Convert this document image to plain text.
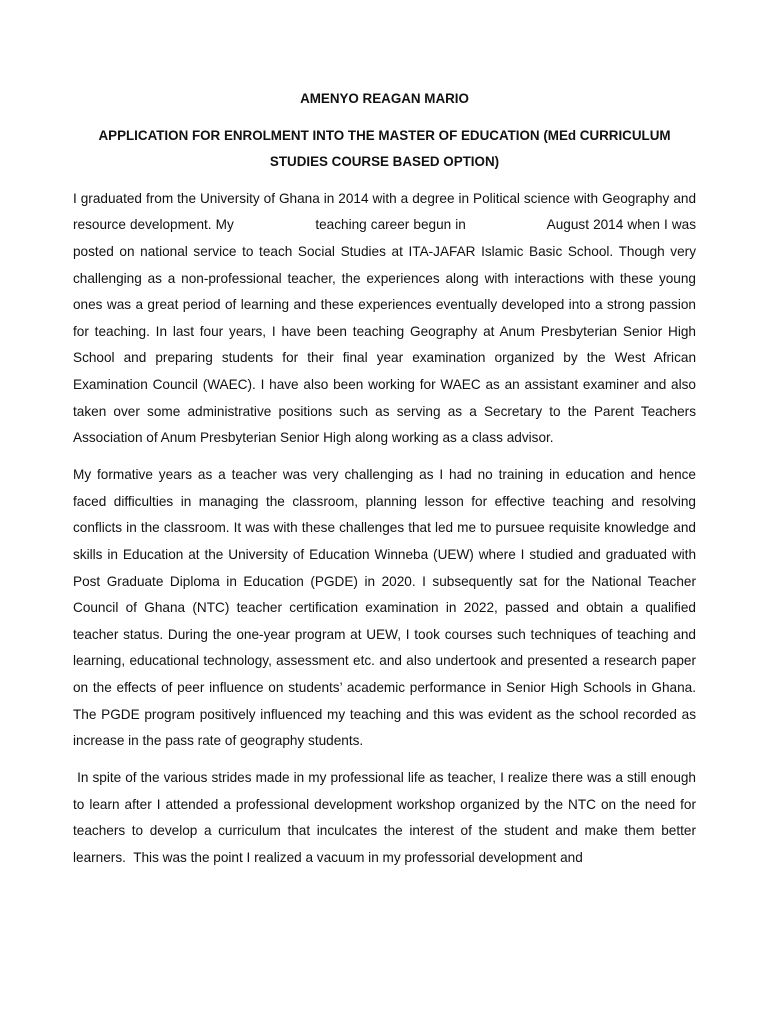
AMENYO REAGAN MARIO

APPLICATION FOR ENROLMENT INTO THE MASTER OF EDUCATION (MEd CURRICULUM STUDIES COURSE BASED OPTION)

I graduated from the University of Ghana in 2014 with a degree in Political science with Geography and resource development. My                    teaching career begun in                    August 2014 when I was posted on national service to teach Social Studies at ITA-JAFAR Islamic Basic School. Though very challenging as a non-professional teacher, the experiences along with interactions with these young ones was a great period of learning and these experiences eventually developed into a strong passion for teaching. In last four years, I have been teaching Geography at Anum Presbyterian Senior High School and preparing students for their final year examination organized by the West African Examination Council (WAEC). I have also been working for WAEC as an assistant examiner and also taken over some administrative positions such as serving as a Secretary to the Parent Teachers Association of Anum Presbyterian Senior High along working as a class advisor.

My formative years as a teacher was very challenging as I had no training in education and hence faced difficulties in managing the classroom, planning lesson for effective teaching and resolving conflicts in the classroom. It was with these challenges that led me to pursuee requisite knowledge and skills in Education at the University of Education Winneba (UEW) where I studied and graduated with Post Graduate Diploma in Education (PGDE) in 2020. I subsequently sat for the National Teacher Council of Ghana (NTC) teacher certification examination in 2022, passed and obtain a qualified teacher status. During the one-year program at UEW, I took courses such techniques of teaching and learning, educational technology, assessment etc. and also undertook and presented a research paper on the effects of peer influence on students’ academic performance in Senior High Schools in Ghana. The PGDE program positively influenced my teaching and this was evident as the school recorded as increase in the pass rate of geography students.

In spite of the various strides made in my professional life as teacher, I realize there was a still enough to learn after I attended a professional development workshop organized by the NTC on the need for teachers to develop a curriculum that inculcates the interest of the student and make them better learners.  This was the point I realized a vacuum in my professorial development and
